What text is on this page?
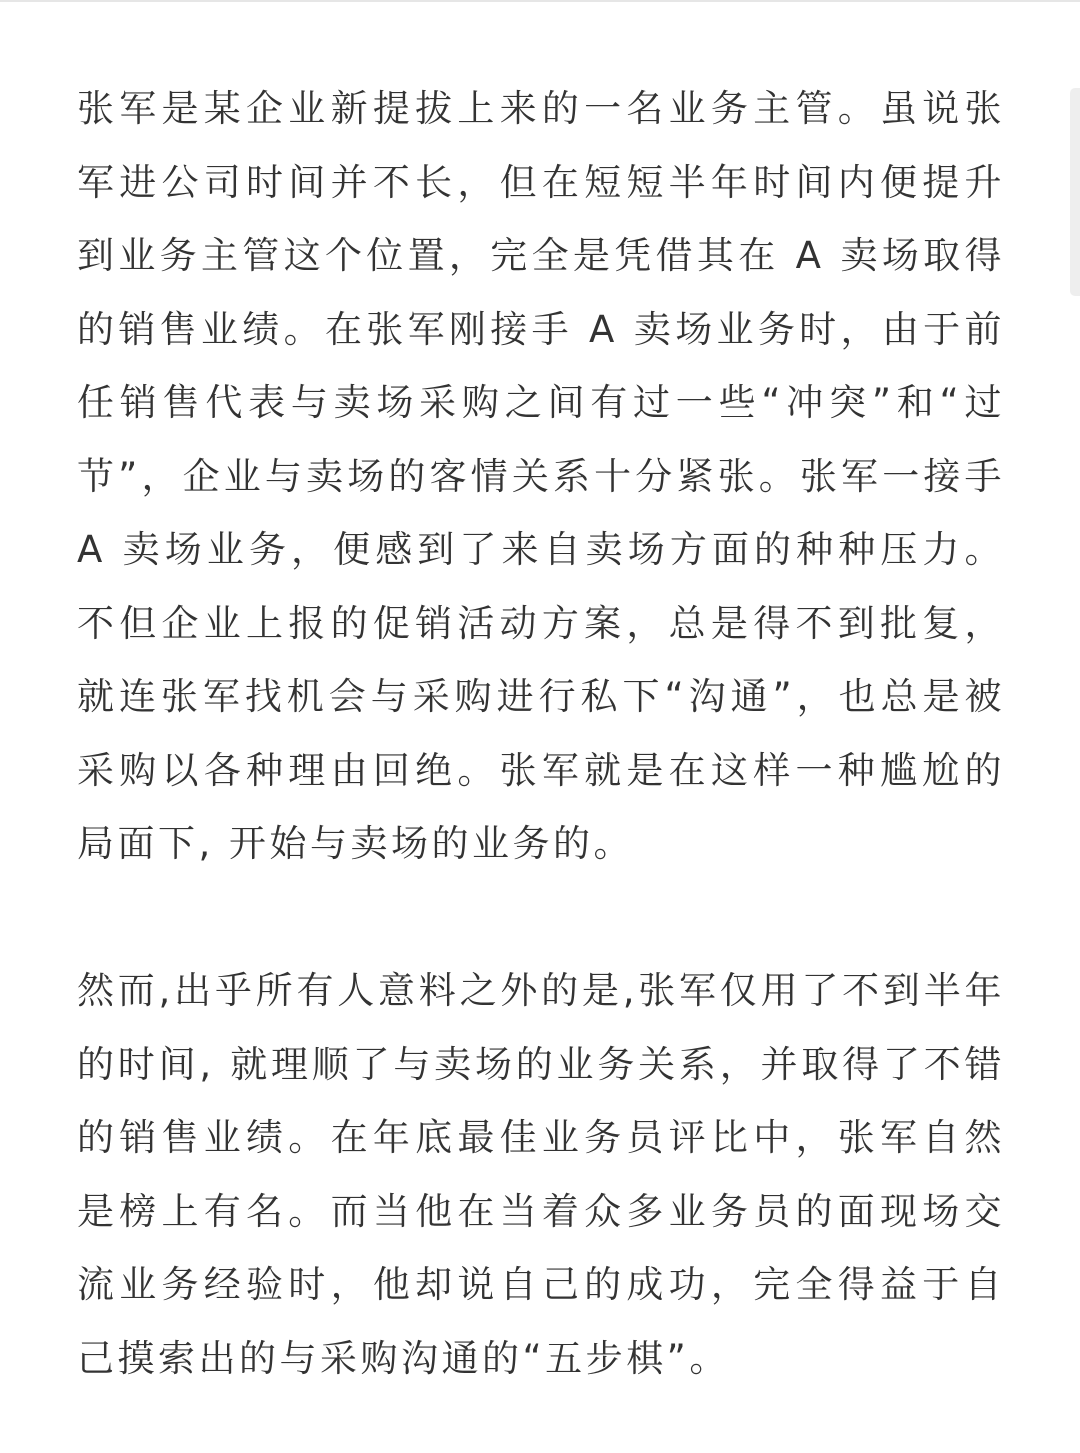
张军是某企业新提拔上来的一名业务主管。虽说张军进公司时间并不长，但在短短半年时间内便提升到业务主管这个位置，完全是凭借其在 A 卖场取得的销售业绩。在张军刚接手 A 卖场业务时，由于前任销售代表与卖场采购之间有过一些“冲突”和“过节”，企业与卖场的客情关系十分紧张。张军一接手 A 卖场业务，便感到了来自卖场方面的种种压力。不但企业上报的促销活动方案，总是得不到批复，就连张军找机会与采购进行私下“沟通”，也总是被采购以各种理由回绝。张军就是在这样一种尴尬的局面下, 开始与卖场的业务的。

然而,出乎所有人意料之外的是,张军仅用了不到半年的时间, 就理顺了与卖场的业务关系，并取得了不错的销售业绩。在年底最佳业务员评比中，张军自然是榜上有名。而当他在当着众多业务员的面现场交流业务经验时，他却说自己的成功，完全得益于自己摸索出的与采购沟通的“五步棋”。
